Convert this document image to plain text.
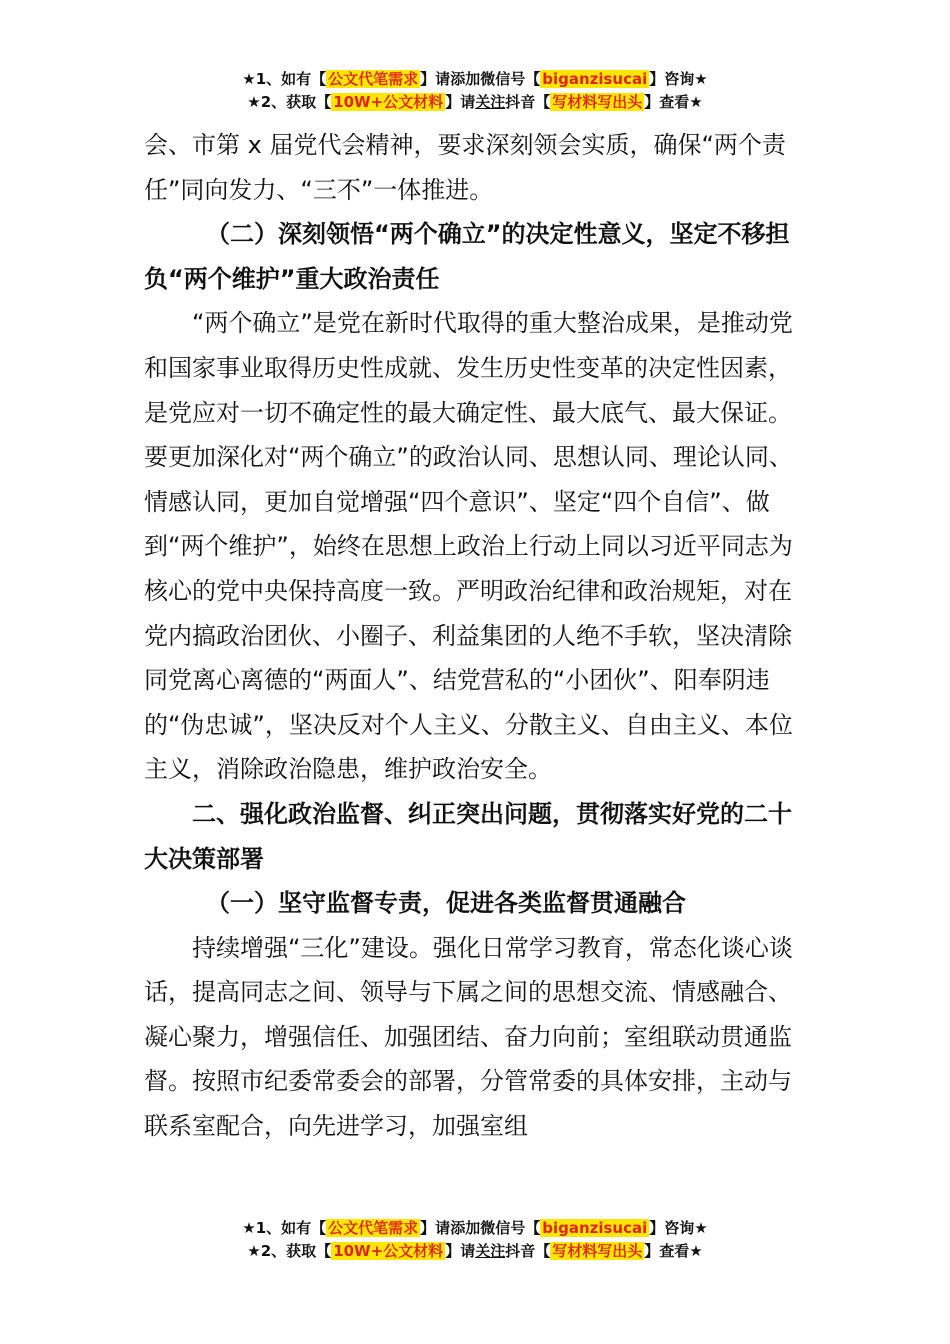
★1、如有【 公文代笔需求 】请添加微信号【 biganzisucai 】咨询★
★2、获取【 10W+公文材料 】请关注抖音【 写材料写出头 】查看★

会、市第 x 届党代会精神，要求深刻领会实质，确保“两个责任”同向发力、“三不”一体推进。

（二）深刻领悟“两个确立”的决定性意义，坚定不移担负“两个维护”重大政治责任

“两个确立”是党在新时代取得的重大整治成果，是推动党和国家事业取得历史性成就、发生历史性变革的决定性因素，是党应对一切不确定性的最大确定性、最大底气、最大保证。要更加深化对“两个确立”的政治认同、思想认同、理论认同、情感认同，更加自觉增强“四个意识”、坚定“四个自信”、做到“两个维护”，始终在思想上政治上行动上同以习近平同志为核心的党中央保持高度一致。严明政治纪律和政治规矩，对在党内搞政治团伙、小圈子、利益集团的人绝不手软，坚决清除同党离心离德的“两面人”、结党营私的“小团伙”、阳奉阴违的“伪忠诚”，坚决反对个人主义、分散主义、自由主义、本位主义，消除政治隐患，维护政治安全。

二、强化政治监督、纠正突出问题，贯彻落实好党的二十大决策部署

（一）坚守监督专责，促进各类监督贯通融合

持续增强“三化”建设。强化日常学习教育，常态化谈心谈话，提高同志之间、领导与下属之间的思想交流、情感融合、凝心聚力，增强信任、加强团结、奋力向前；室组联动贯通监督。按照市纪委常委会的部署，分管常委的具体安排，主动与联系室配合，向先进学习，加强室组

★1、如有【 公文代笔需求 】请添加微信号【 biganzisucai 】咨询★
★2、获取【 10W+公文材料 】请关注抖音【 写材料写出头 】查看★
